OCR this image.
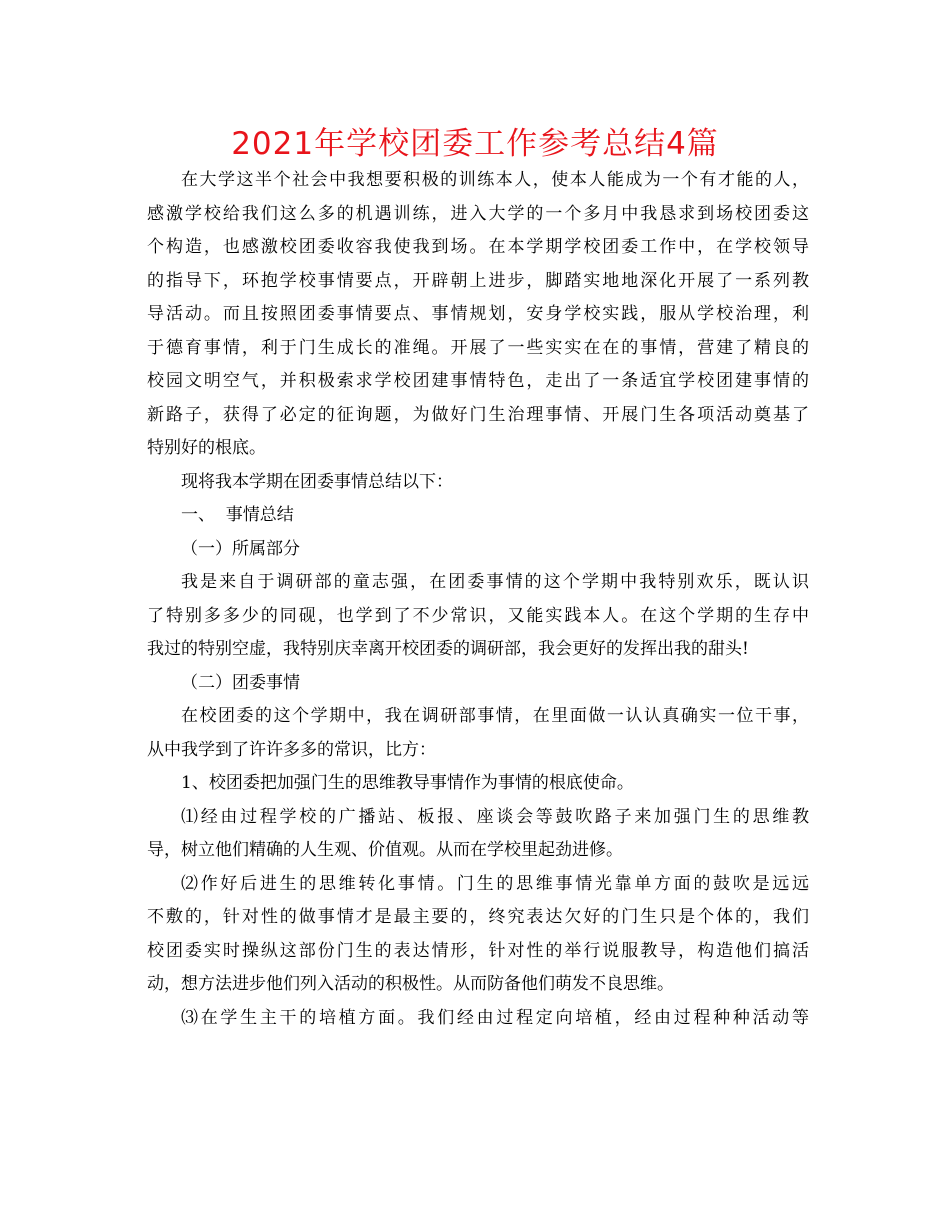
2021年学校团委工作参考总结4篇

在大学这半个社会中我想要积极的训练本人，使本人能成为一个有才能的人，
感激学校给我们这么多的机遇训练，进入大学的一个多月中我恳求到场校团委这
个构造，也感激校团委收容我使我到场。在本学期学校团委工作中，在学校领导
的指导下，环抱学校事情要点，开辟朝上进步，脚踏实地地深化开展了一系列教
导活动。而且按照团委事情要点、事情规划，安身学校实践，服从学校治理，利
于德育事情，利于门生成长的准绳。开展了一些实实在在的事情，营建了精良的
校园文明空气，并积极索求学校团建事情特色，走出了一条适宜学校团建事情的
新路子，获得了必定的征询题，为做好门生治理事情、开展门生各项活动奠基了
特别好的根底。

现将我本学期在团委事情总结以下：

一、  事情总结

（一）所属部分

我是来自于调研部的童志强，在团委事情的这个学期中我特别欢乐，既认识
了特别多多少的同砚，也学到了不少常识，又能实践本人。在这个学期的生存中
我过的特别空虚，我特别庆幸离开校团委的调研部，我会更好的发挥出我的甜头!

（二）团委事情

在校团委的这个学期中，我在调研部事情，在里面做一认认真确实一位干事，
从中我学到了许许多多的常识，比方：

1、校团委把加强门生的思维教导事情作为事情的根底使命。

⑴经由过程学校的广播站、板报、座谈会等鼓吹路子来加强门生的思维教
导，树立他们精确的人生观、价值观。从而在学校里起劲进修。

⑵作好后进生的思维转化事情。门生的思维事情光靠单方面的鼓吹是远远
不敷的，针对性的做事情才是最主要的，终究表达欠好的门生只是个体的，我们
校团委实时操纵这部份门生的表达情形，针对性的举行说服教导，构造他们搞活
动，想方法进步他们列入活动的积极性。从而防备他们萌发不良思维。

⑶在学生主干的培植方面。我们经由过程定向培植，经由过程种种活动等
